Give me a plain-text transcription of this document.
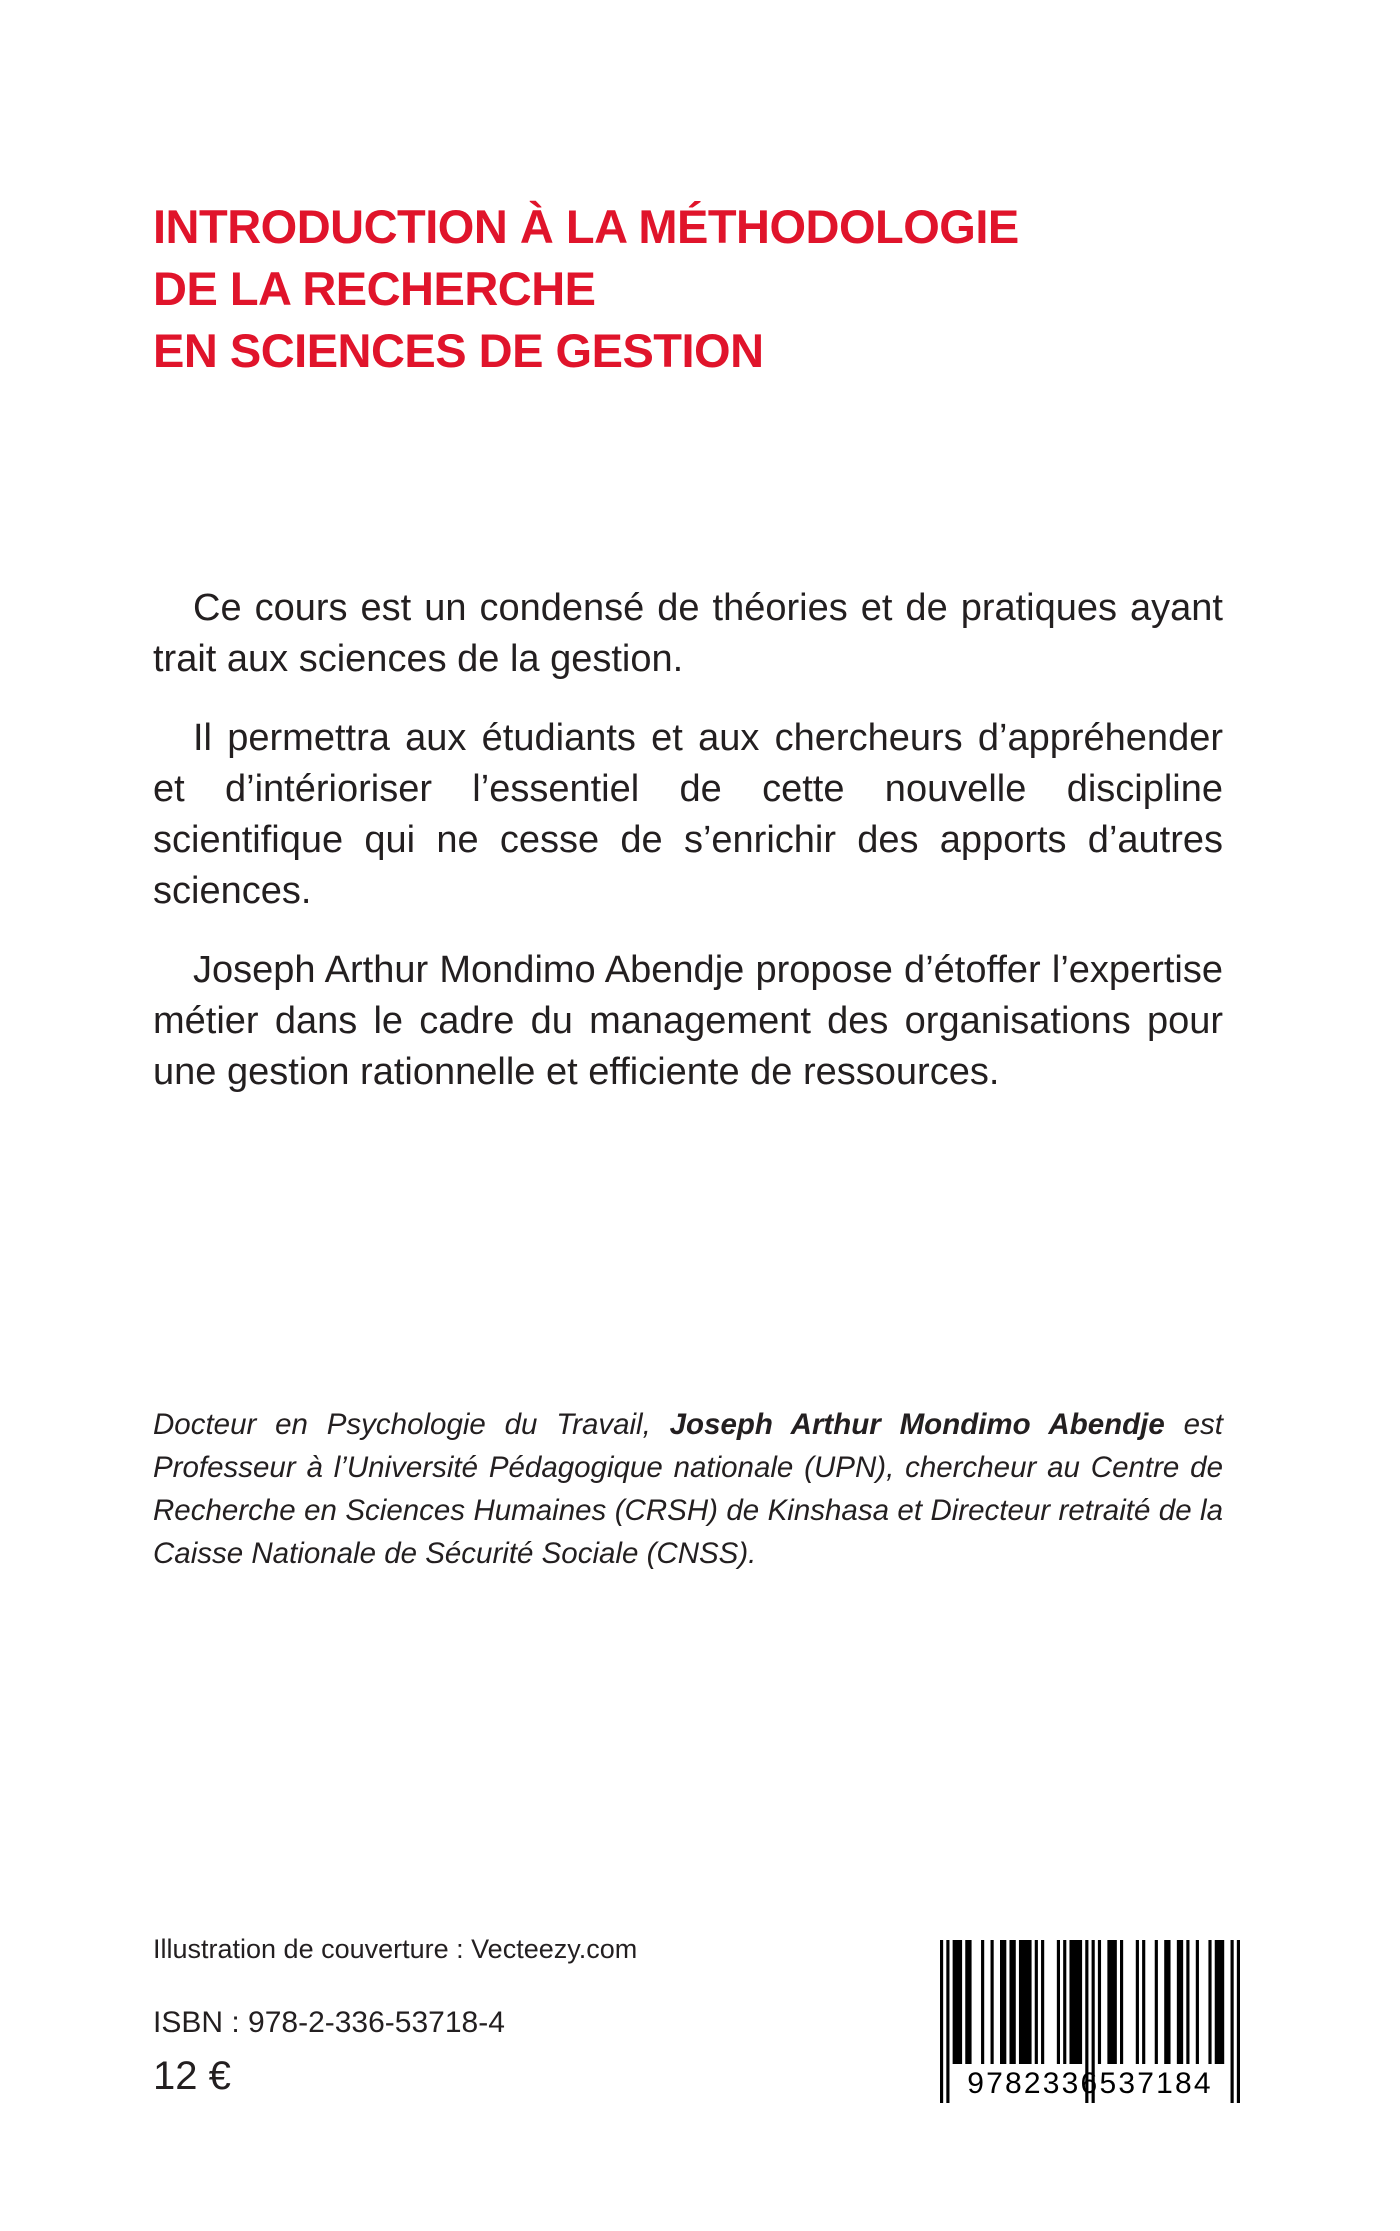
INTRODUCTION À LA MÉTHODOLOGIE
DE LA RECHERCHE
EN SCIENCES DE GESTION

Ce cours est un condensé de théories et de pratiques ayant trait aux sciences de la gestion.

Il permettra aux étudiants et aux chercheurs d’appréhender et d’intérioriser l’essentiel de cette nouvelle discipline scientifique qui ne cesse de s’enrichir des apports d’autres sciences.

Joseph Arthur Mondimo Abendje propose d’étoffer l’expertise métier dans le cadre du management des organisations pour une gestion rationnelle et efficiente de ressources.

Docteur en Psychologie du Travail, Joseph Arthur Mondimo Abendje est Professeur à l’Université Pédagogique nationale (UPN), chercheur au Centre de Recherche en Sciences Humaines (CRSH) de Kinshasa et Directeur retraité de la Caisse Nationale de Sécurité Sociale (CNSS).

Illustration de couverture : Vecteezy.com
ISBN : 978-2-336-53718-4
12 €	9782336537184
